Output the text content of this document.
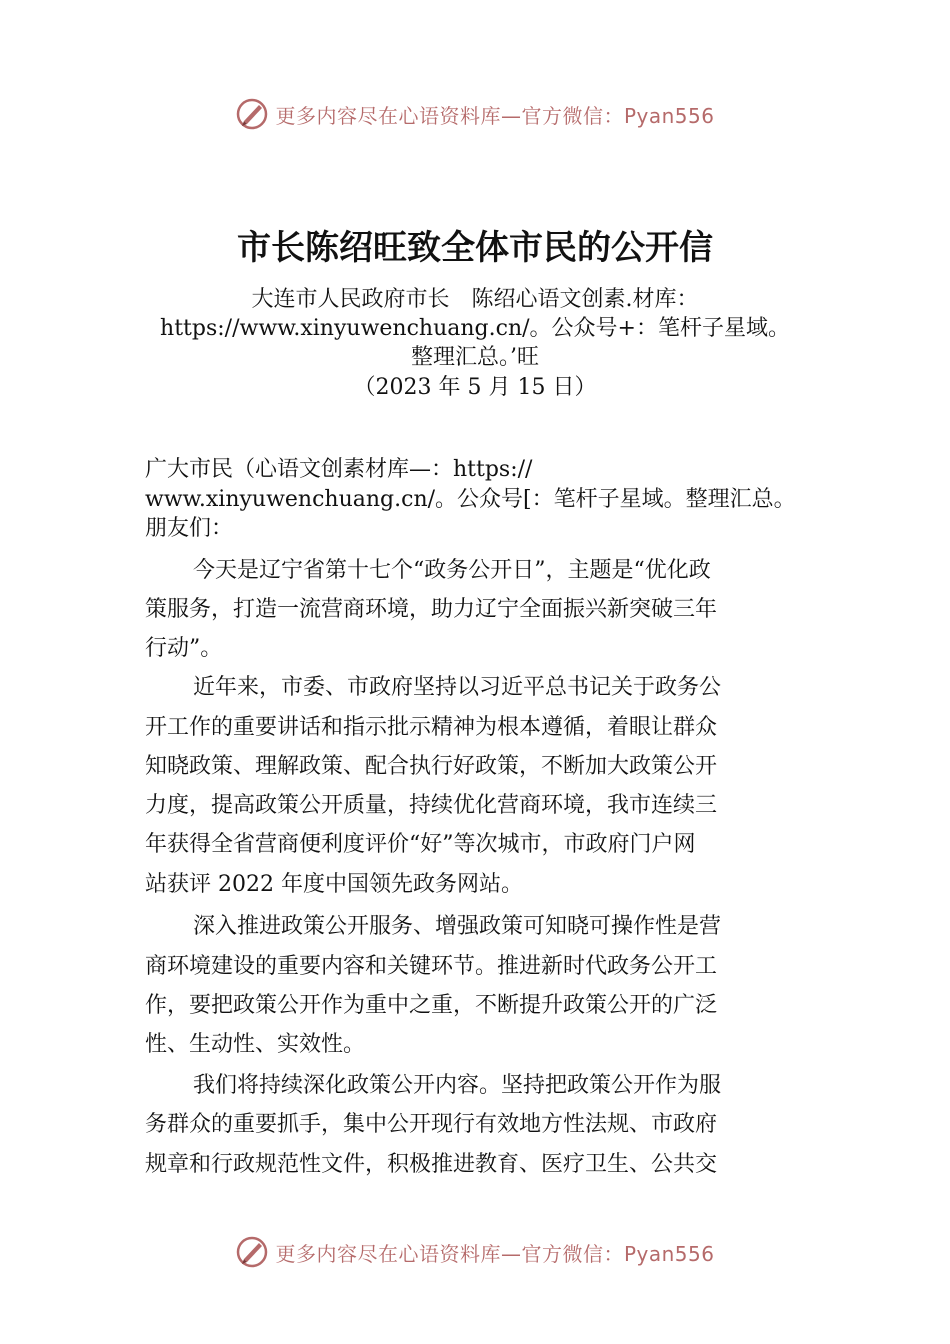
更多内容尽在心语资料库—官方微信：Pyan556
市长陈绍旺致全体市民的公开信
大连市人民政府市长　陈绍心语文创素.材库：
https://www.xinyuwenchuang.cn/。公众号+：笔杆子星域。
整理汇总。’旺
（2023 年 5 月 15 日）
广大市民（心语文创素材库—：https://
www.xinyuwenchuang.cn/。公众号[：笔杆子星域。整理汇总。
朋友们：
今天是辽宁省第十七个“政务公开日”，主题是“优化政
策服务，打造一流营商环境，助力辽宁全面振兴新突破三年
行动”。
近年来，市委、市政府坚持以习近平总书记关于政务公
开工作的重要讲话和指示批示精神为根本遵循，着眼让群众
知晓政策、理解政策、配合执行好政策，不断加大政策公开
力度，提高政策公开质量，持续优化营商环境，我市连续三
年获得全省营商便利度评价“好”等次城市，市政府门户网
站获评 2022 年度中国领先政务网站。
深入推进政策公开服务、增强政策可知晓可操作性是营
商环境建设的重要内容和关键环节。推进新时代政务公开工
作，要把政策公开作为重中之重，不断提升政策公开的广泛
性、生动性、实效性。
我们将持续深化政策公开内容。坚持把政策公开作为服
务群众的重要抓手，集中公开现行有效地方性法规、市政府
规章和行政规范性文件，积极推进教育、医疗卫生、公共交
更多内容尽在心语资料库—官方微信：Pyan556
